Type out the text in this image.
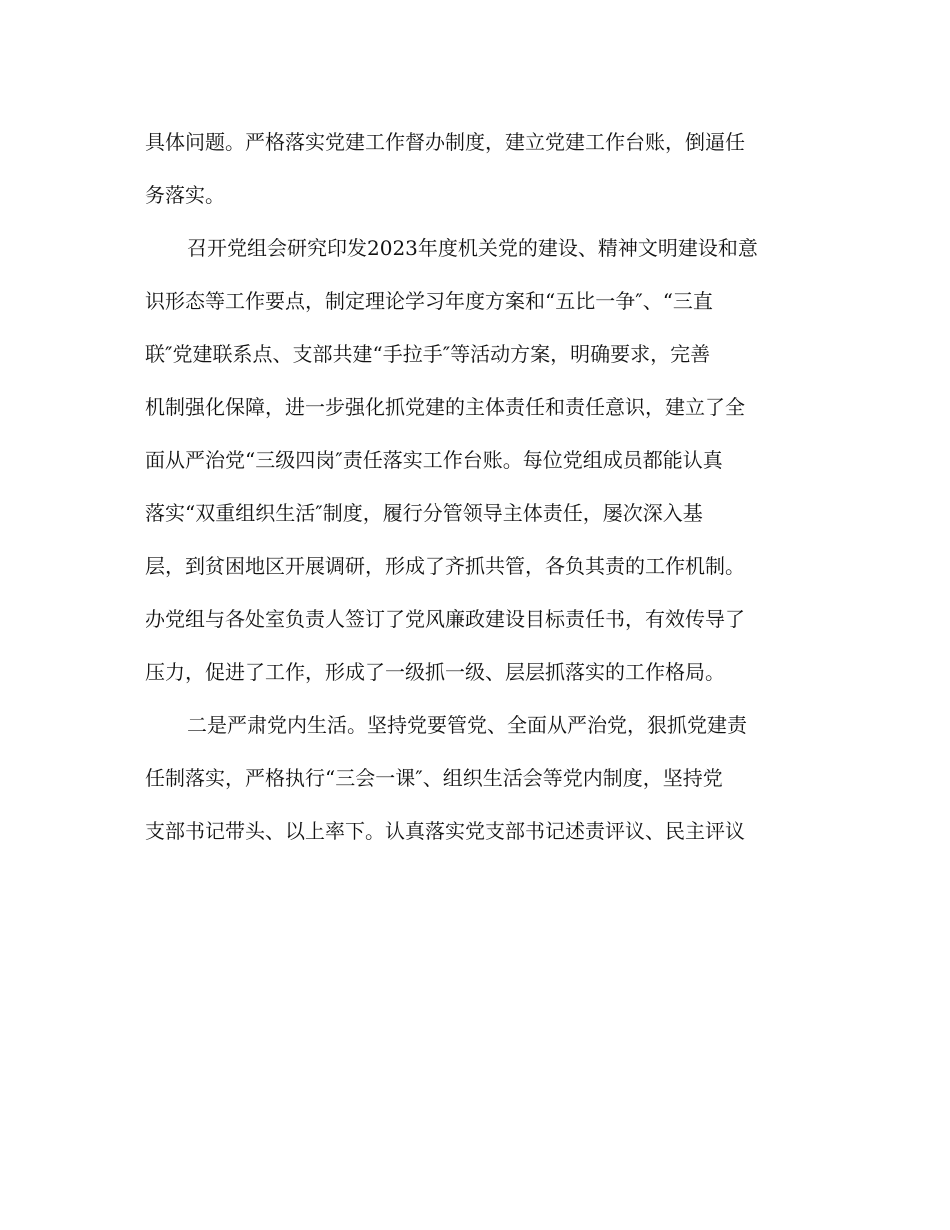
具体问题。严格落实党建工作督办制度，建立党建工作台账，倒逼任
务落实。
召开党组会研究印发2023年度机关党的建设、精神文明建设和意
识形态等工作要点，制定理论学习年度方案和“五比一争″、“三直
联″党建联系点、支部共建“手拉手″等活动方案，明确要求，完善
机制强化保障，进一步强化抓党建的主体责任和责任意识，建立了全
面从严治党“三级四岗″责任落实工作台账。每位党组成员都能认真
落实“双重组织生活″制度，履行分管领导主体责任，屡次深入基
层，到贫困地区开展调研，形成了齐抓共管，各负其责的工作机制。
办党组与各处室负责人签订了党风廉政建设目标责任书，有效传导了
压力，促进了工作，形成了一级抓一级、层层抓落实的工作格局。
二是严肃党内生活。坚持党要管党、全面从严治党，狠抓党建责
任制落实，严格执行“三会一课″、组织生活会等党内制度，坚持党
支部书记带头、以上率下。认真落实党支部书记述责评议、民主评议
